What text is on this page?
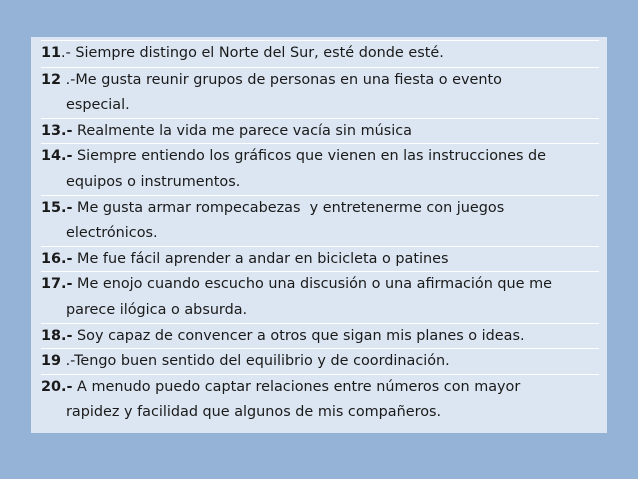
11.- Siempre distingo el Norte del Sur, esté donde esté.
12 .-Me gusta reunir grupos de personas en una fiesta o evento
especial.
13.- Realmente la vida me parece vacía sin música
14.- Siempre entiendo los gráficos que vienen en las instrucciones de
equipos o instrumentos.
15.- Me gusta armar rompecabezas  y entretenerme con juegos
electrónicos.
16.- Me fue fácil aprender a andar en bicicleta o patines
17.- Me enojo cuando escucho una discusión o una afirmación que me
parece ilógica o absurda.
18.- Soy capaz de convencer a otros que sigan mis planes o ideas.
19 .-Tengo buen sentido del equilibrio y de coordinación.
20.- A menudo puedo captar relaciones entre números con mayor
rapidez y facilidad que algunos de mis compañeros.
